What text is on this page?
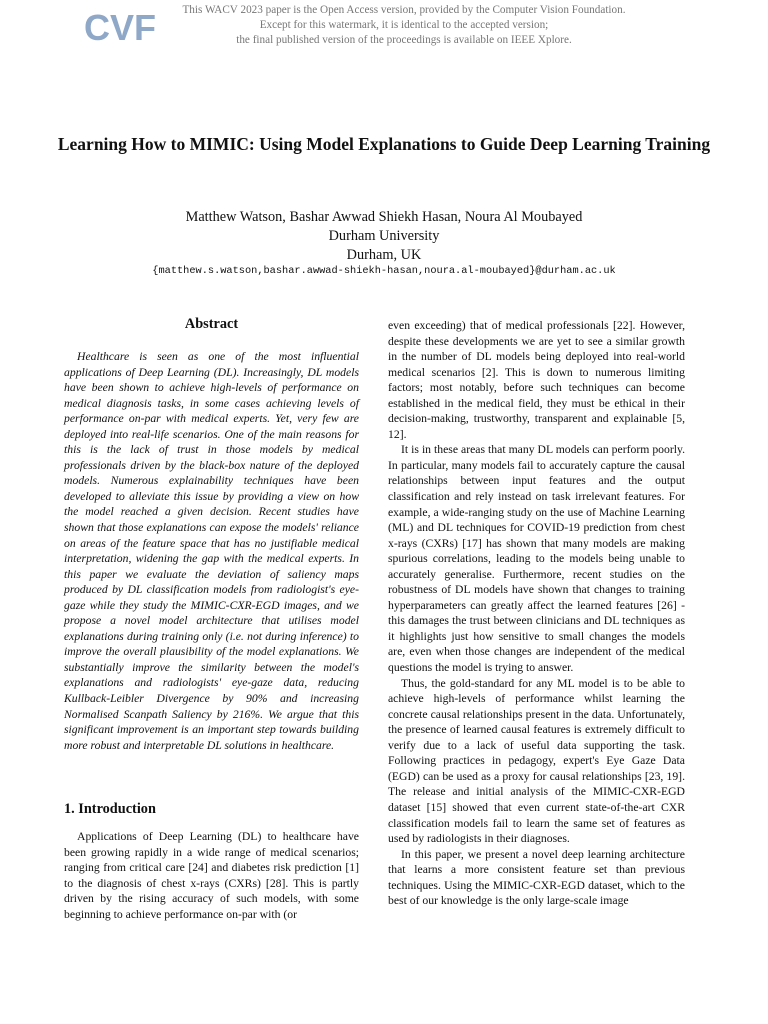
CVF	This WACV 2023 paper is the Open Access version, provided by the Computer Vision Foundation.
Except for this watermark, it is identical to the accepted version;
the final published version of the proceedings is available on IEEE Xplore.
Learning How to MIMIC: Using Model Explanations to Guide Deep Learning Training
Matthew Watson, Bashar Awwad Shiekh Hasan, Noura Al Moubayed
Durham University
Durham, UK
{matthew.s.watson,bashar.awwad-shiekh-hasan,noura.al-moubayed}@durham.ac.uk
Abstract

Healthcare is seen as one of the most influential applications of Deep Learning (DL). Increasingly, DL models have been shown to achieve high-levels of performance on medical diagnosis tasks, in some cases achieving levels of performance on-par with medical experts. Yet, very few are deployed into real-life scenarios. One of the main reasons for this is the lack of trust in those models by medical professionals driven by the black-box nature of the deployed models. Numerous explainability techniques have been developed to alleviate this issue by providing a view on how the model reached a given decision. Recent studies have shown that those explanations can expose the models' reliance on areas of the feature space that has no justifiable medical interpretation, widening the gap with the medical experts. In this paper we evaluate the deviation of saliency maps produced by DL classification models from radiologist's eye-gaze while they study the MIMIC-CXR-EGD images, and we propose a novel model architecture that utilises model explanations during training only (i.e. not during inference) to improve the overall plausibility of the model explanations. We substantially improve the similarity between the model's explanations and radiologists' eye-gaze data, reducing Kullback-Leibler Divergence by 90% and increasing Normalised Scanpath Saliency by 216%. We argue that this significant improvement is an important step towards building more robust and interpretable DL solutions in healthcare.

1. Introduction

Applications of Deep Learning (DL) to healthcare have been growing rapidly in a wide range of medical scenarios; ranging from critical care [24] and diabetes risk prediction [1] to the diagnosis of chest x-rays (CXRs) [28]. This is partly driven by the rising accuracy of such models, with some beginning to achieve performance on-par with (or

even exceeding) that of medical professionals [22]. However, despite these developments we are yet to see a similar growth in the number of DL models being deployed into real-world medical scenarios [2]. This is down to numerous limiting factors; most notably, before such techniques can become established in the medical field, they must be ethical in their decision-making, trustworthy, transparent and explainable [5, 12].

It is in these areas that many DL models can perform poorly. In particular, many models fail to accurately capture the causal relationships between input features and the output classification and rely instead on task irrelevant features. For example, a wide-ranging study on the use of Machine Learning (ML) and DL techniques for COVID-19 prediction from chest x-rays (CXRs) [17] has shown that many models are making spurious correlations, leading to the models being unable to accurately generalise. Furthermore, recent studies on the robustness of DL models have shown that changes to training hyperparameters can greatly affect the learned features [26] - this damages the trust between clinicians and DL techniques as it highlights just how sensitive to small changes the models are, even when those changes are independent of the medical questions the model is trying to answer.

Thus, the gold-standard for any ML model is to be able to achieve high-levels of performance whilst learning the concrete causal relationships present in the data. Unfortunately, the presence of learned causal features is extremely difficult to verify due to a lack of useful data supporting the task. Following practices in pedagogy, expert's Eye Gaze Data (EGD) can be used as a proxy for causal relationships [23, 19]. The release and initial analysis of the MIMIC-CXR-EGD dataset [15] showed that even current state-of-the-art CXR classification models fail to learn the same set of features as used by radiologists in their diagnoses.

In this paper, we present a novel deep learning architecture that learns a more consistent feature set than previous techniques. Using the MIMIC-CXR-EGD dataset, which to the best of our knowledge is the only large-scale image
